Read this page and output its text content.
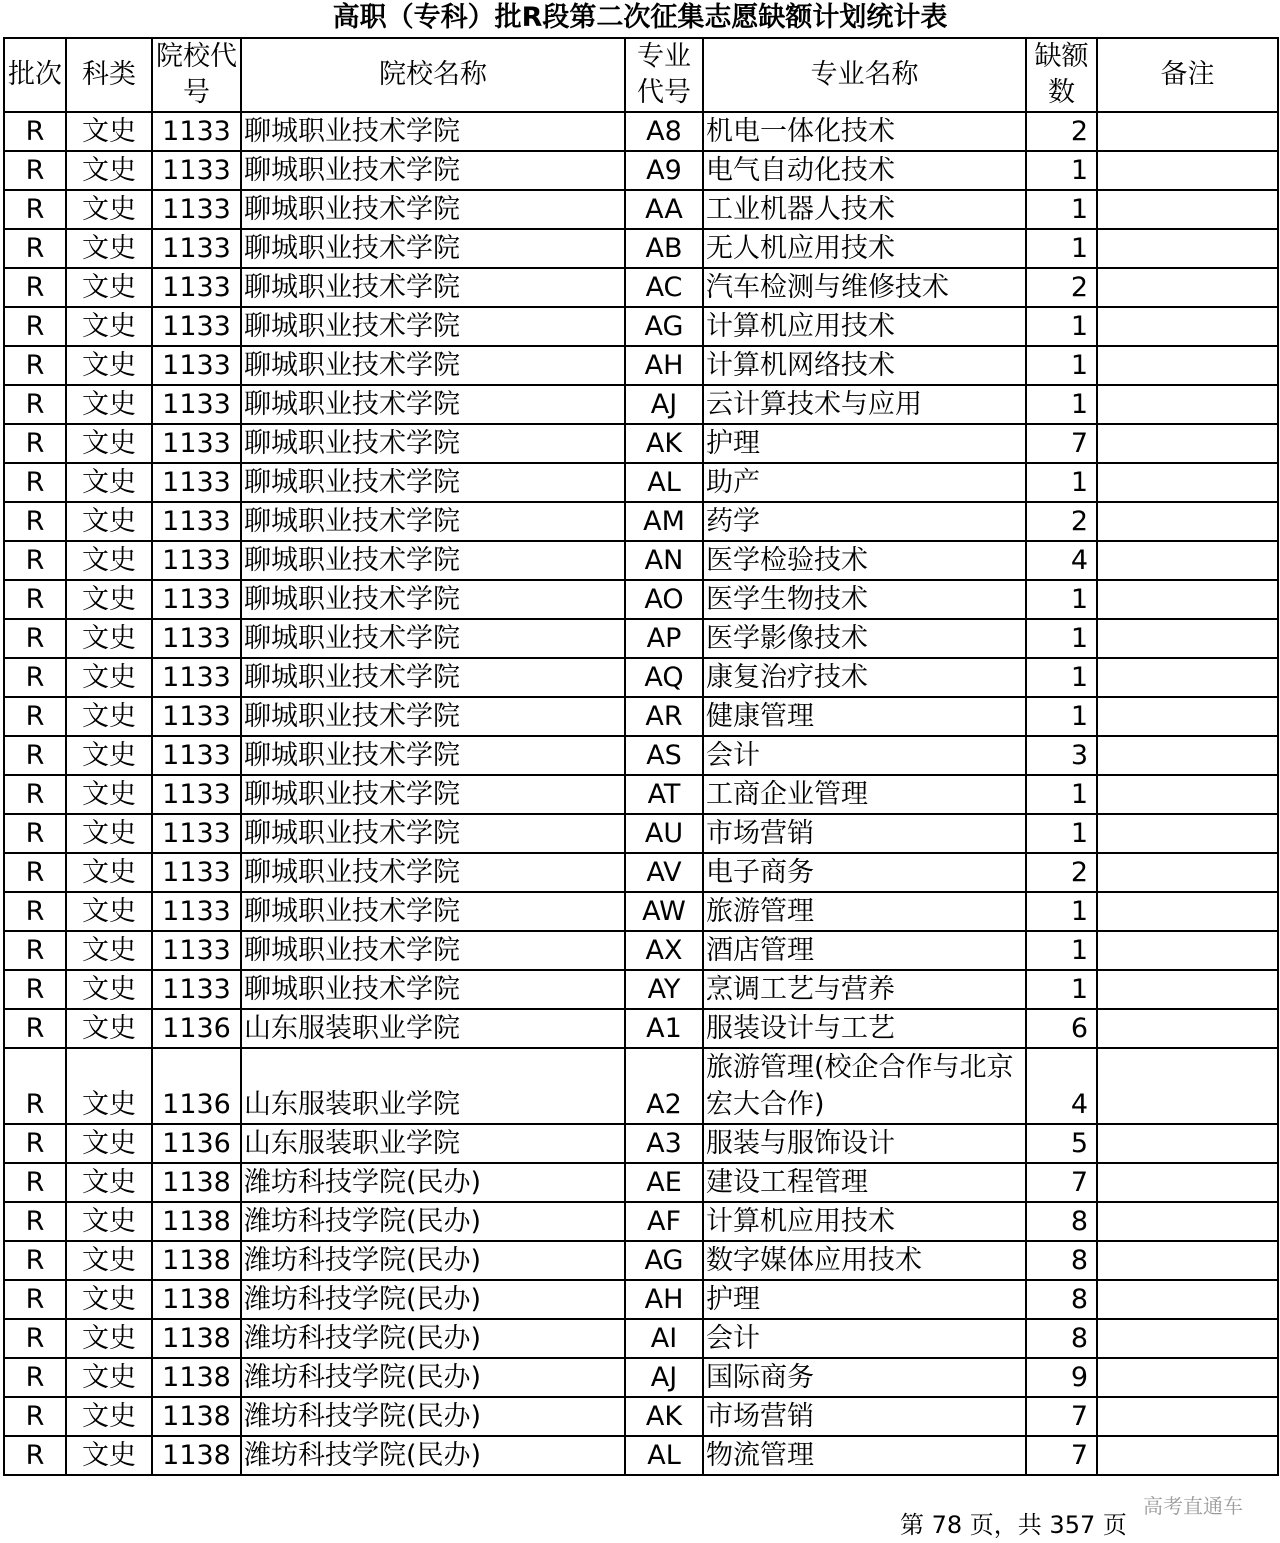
高职（专科）批R段第二次征集志愿缺额计划统计表
批次	科类	院校代号	院校名称	专业代号	专业名称	缺额数	备注
R	文史	1133	聊城职业技术学院	A8	机电一体化技术	2	
R	文史	1133	聊城职业技术学院	A9	电气自动化技术	1	
R	文史	1133	聊城职业技术学院	AA	工业机器人技术	1	
R	文史	1133	聊城职业技术学院	AB	无人机应用技术	1	
R	文史	1133	聊城职业技术学院	AC	汽车检测与维修技术	2	
R	文史	1133	聊城职业技术学院	AG	计算机应用技术	1	
R	文史	1133	聊城职业技术学院	AH	计算机网络技术	1	
R	文史	1133	聊城职业技术学院	AJ	云计算技术与应用	1	
R	文史	1133	聊城职业技术学院	AK	护理	7	
R	文史	1133	聊城职业技术学院	AL	助产	1	
R	文史	1133	聊城职业技术学院	AM	药学	2	
R	文史	1133	聊城职业技术学院	AN	医学检验技术	4	
R	文史	1133	聊城职业技术学院	AO	医学生物技术	1	
R	文史	1133	聊城职业技术学院	AP	医学影像技术	1	
R	文史	1133	聊城职业技术学院	AQ	康复治疗技术	1	
R	文史	1133	聊城职业技术学院	AR	健康管理	1	
R	文史	1133	聊城职业技术学院	AS	会计	3	
R	文史	1133	聊城职业技术学院	AT	工商企业管理	1	
R	文史	1133	聊城职业技术学院	AU	市场营销	1	
R	文史	1133	聊城职业技术学院	AV	电子商务	2	
R	文史	1133	聊城职业技术学院	AW	旅游管理	1	
R	文史	1133	聊城职业技术学院	AX	酒店管理	1	
R	文史	1133	聊城职业技术学院	AY	烹调工艺与营养	1	
R	文史	1136	山东服装职业学院	A1	服装设计与工艺	6	
R	文史	1136	山东服装职业学院	A2	旅游管理(校企合作与北京宏大合作)	4	
R	文史	1136	山东服装职业学院	A3	服装与服饰设计	5	
R	文史	1138	潍坊科技学院(民办)	AE	建设工程管理	7	
R	文史	1138	潍坊科技学院(民办)	AF	计算机应用技术	8	
R	文史	1138	潍坊科技学院(民办)	AG	数字媒体应用技术	8	
R	文史	1138	潍坊科技学院(民办)	AH	护理	8	
R	文史	1138	潍坊科技学院(民办)	AI	会计	8	
R	文史	1138	潍坊科技学院(民办)	AJ	国际商务	9	
R	文史	1138	潍坊科技学院(民办)	AK	市场营销	7	
R	文史	1138	潍坊科技学院(民办)	AL	物流管理	7	
第 78 页，共 357 页
高考直通车
